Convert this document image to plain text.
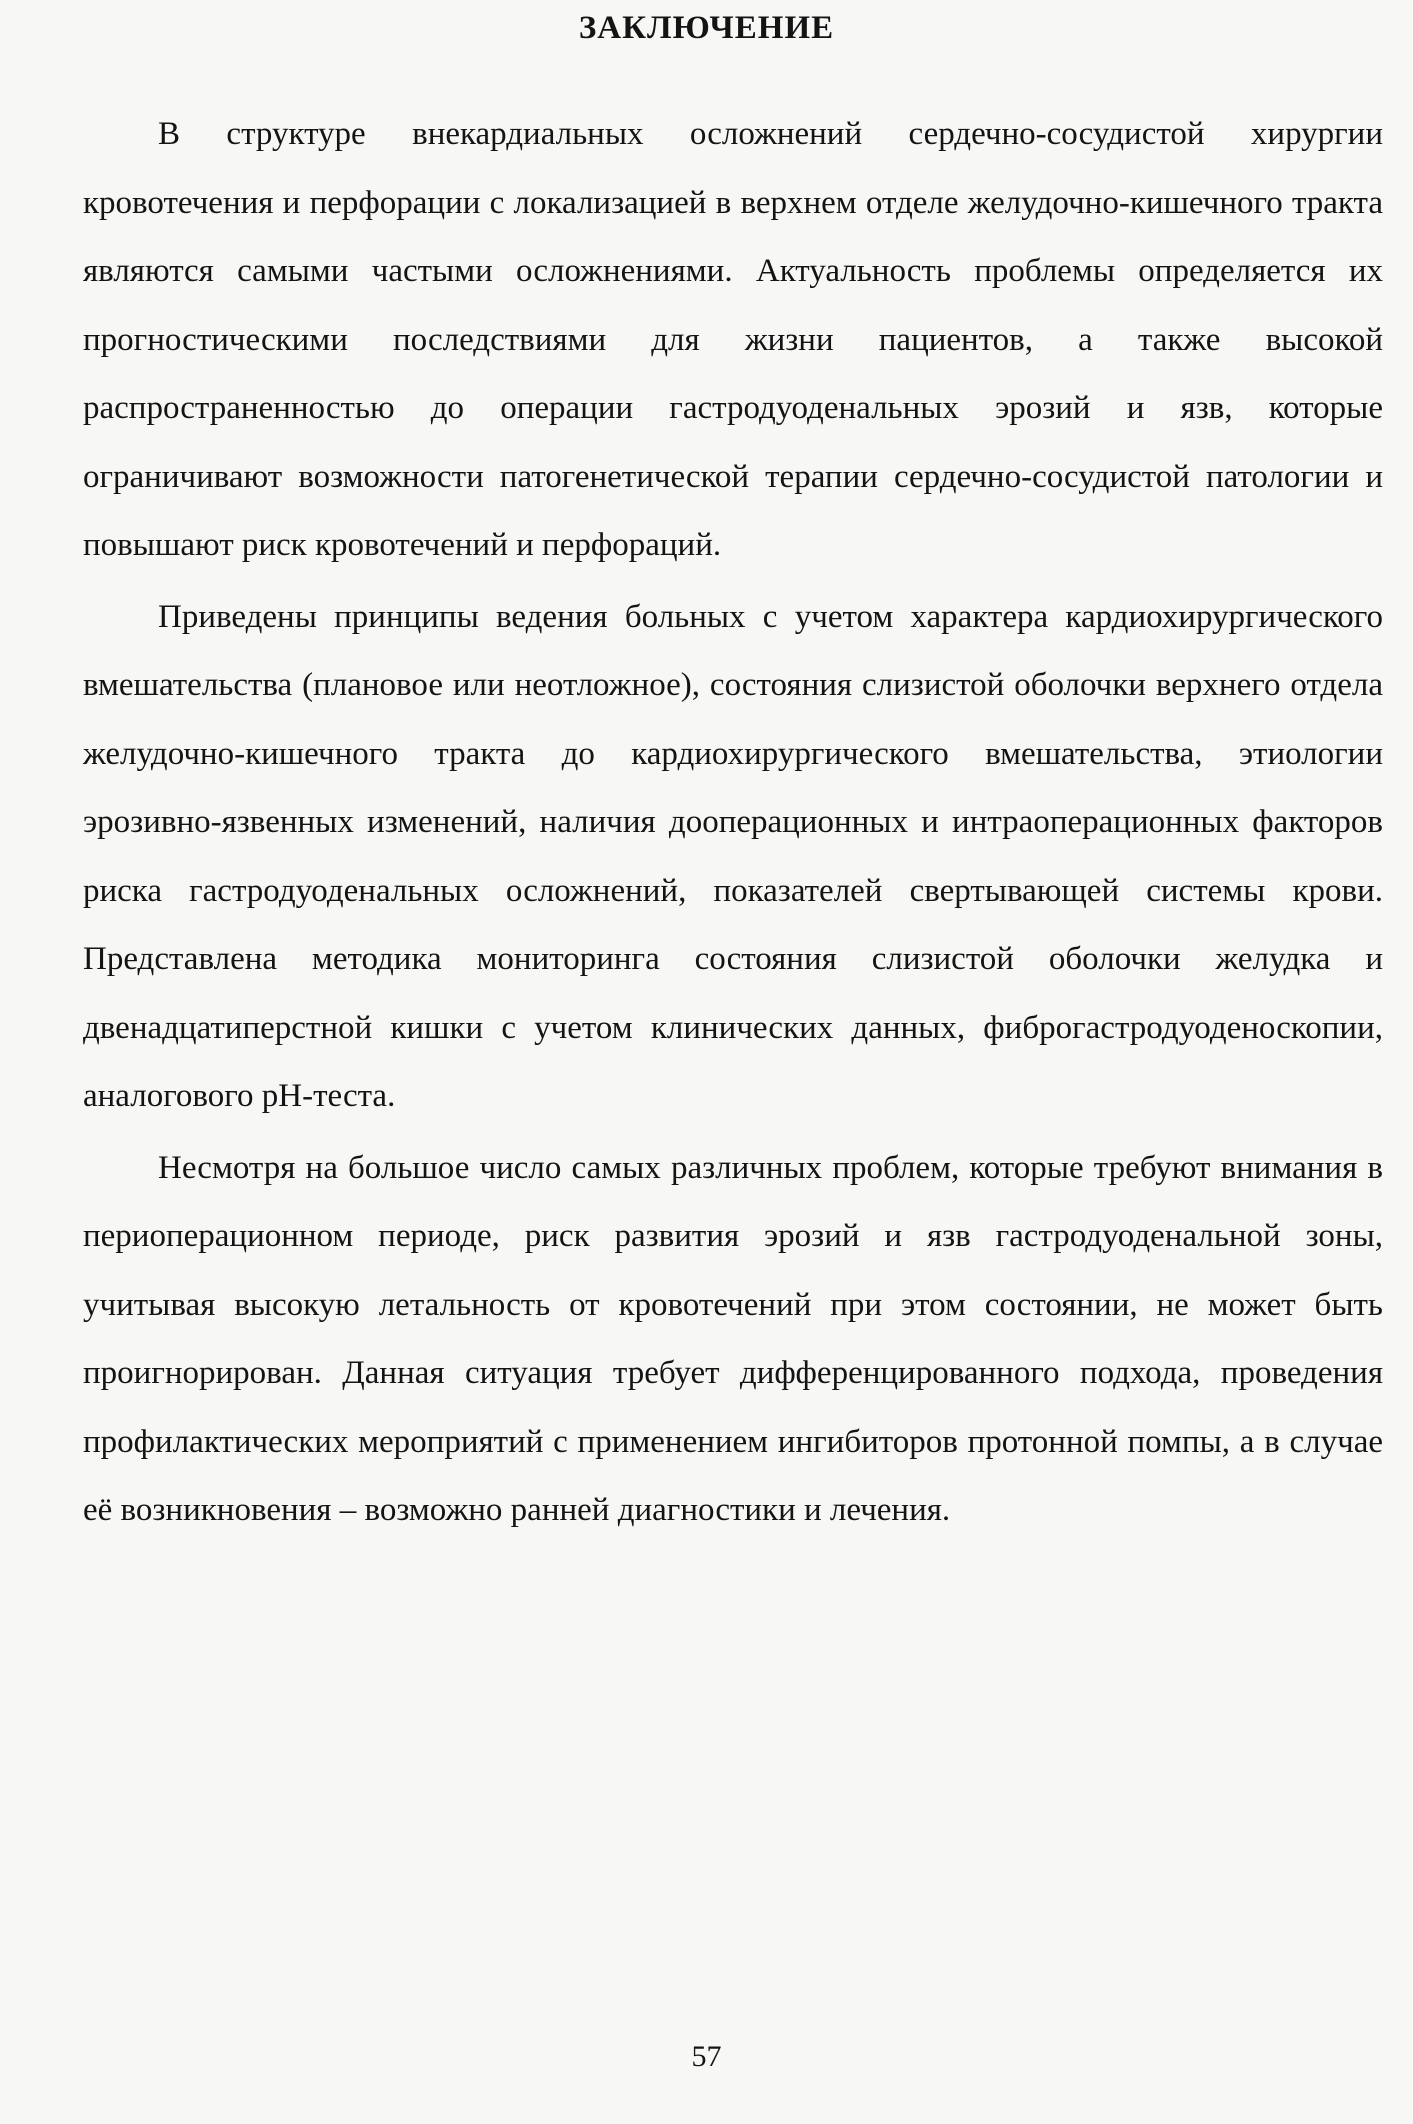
ЗАКЛЮЧЕНИЕ

В структуре внекардиальных осложнений сердечно-сосудистой хирургии кровотечения и перфорации с локализацией в верхнем отделе желудочно-кишечного тракта являются самыми частыми осложнениями. Актуальность проблемы определяется их прогностическими последствиями для жизни пациентов, а также высокой распространенностью до операции гастродуоденальных эрозий и язв, которые ограничивают возможности патогенетической терапии сердечно-сосудистой патологии и повышают риск кровотечений и перфораций.

Приведены принципы ведения больных с учетом характера кардиохирургического вмешательства (плановое или неотложное), состояния слизистой оболочки верхнего отдела желудочно-кишечного тракта до кардиохирургического вмешательства, этиологии эрозивно-язвенных изменений, наличия дооперационных и интраоперационных факторов риска гастродуоденальных осложнений, показателей свертывающей системы крови. Представлена методика мониторинга состояния слизистой оболочки желудка и двенадцатиперстной кишки с учетом клинических данных, фиброгастродуоденоскопии, аналогового pH-теста.

Несмотря на большое число самых различных проблем, которые требуют внимания в периоперационном периоде, риск развития эрозий и язв гастродуоденальной зоны, учитывая высокую летальность от кровотечений при этом состоянии, не может быть проигнорирован. Данная ситуация требует дифференцированного подхода, проведения профилактических мероприятий с применением ингибиторов протонной помпы, а в случае её возникновения – возможно ранней диагностики и лечения.

57
